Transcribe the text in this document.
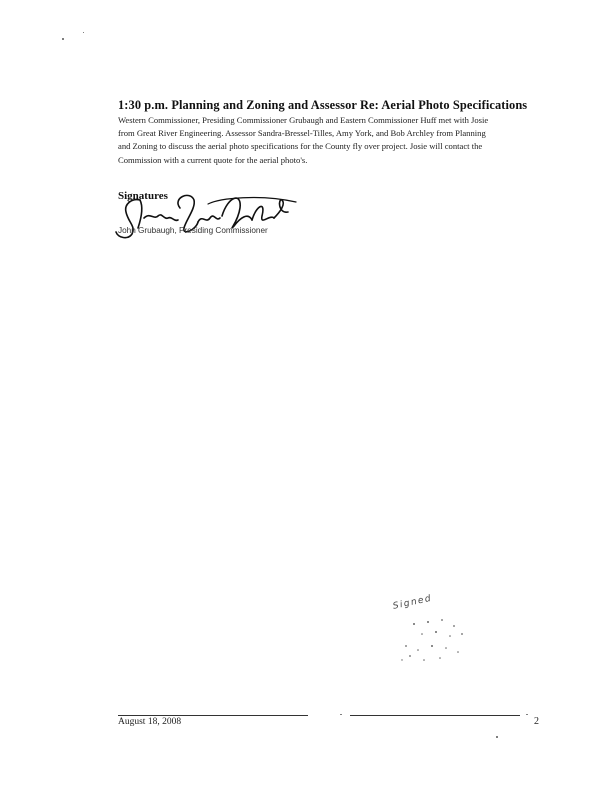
1:30 p.m. Planning and Zoning and Assessor Re: Aerial Photo Specifications
Western Commissioner, Presiding Commissioner Grubaugh and Eastern Commissioner Huff met with Josie
from Great River Engineering. Assessor Sandra-Bressel-Tilles, Amy York, and Bob Archley from Planning
and Zoning to discuss the aerial photo specifications for the County fly over project. Josie will contact the
Commission with a current quote for the aerial photo's.
Signatures
John Grubaugh, Presiding Commissioner
Signed
August 18, 2008	2
